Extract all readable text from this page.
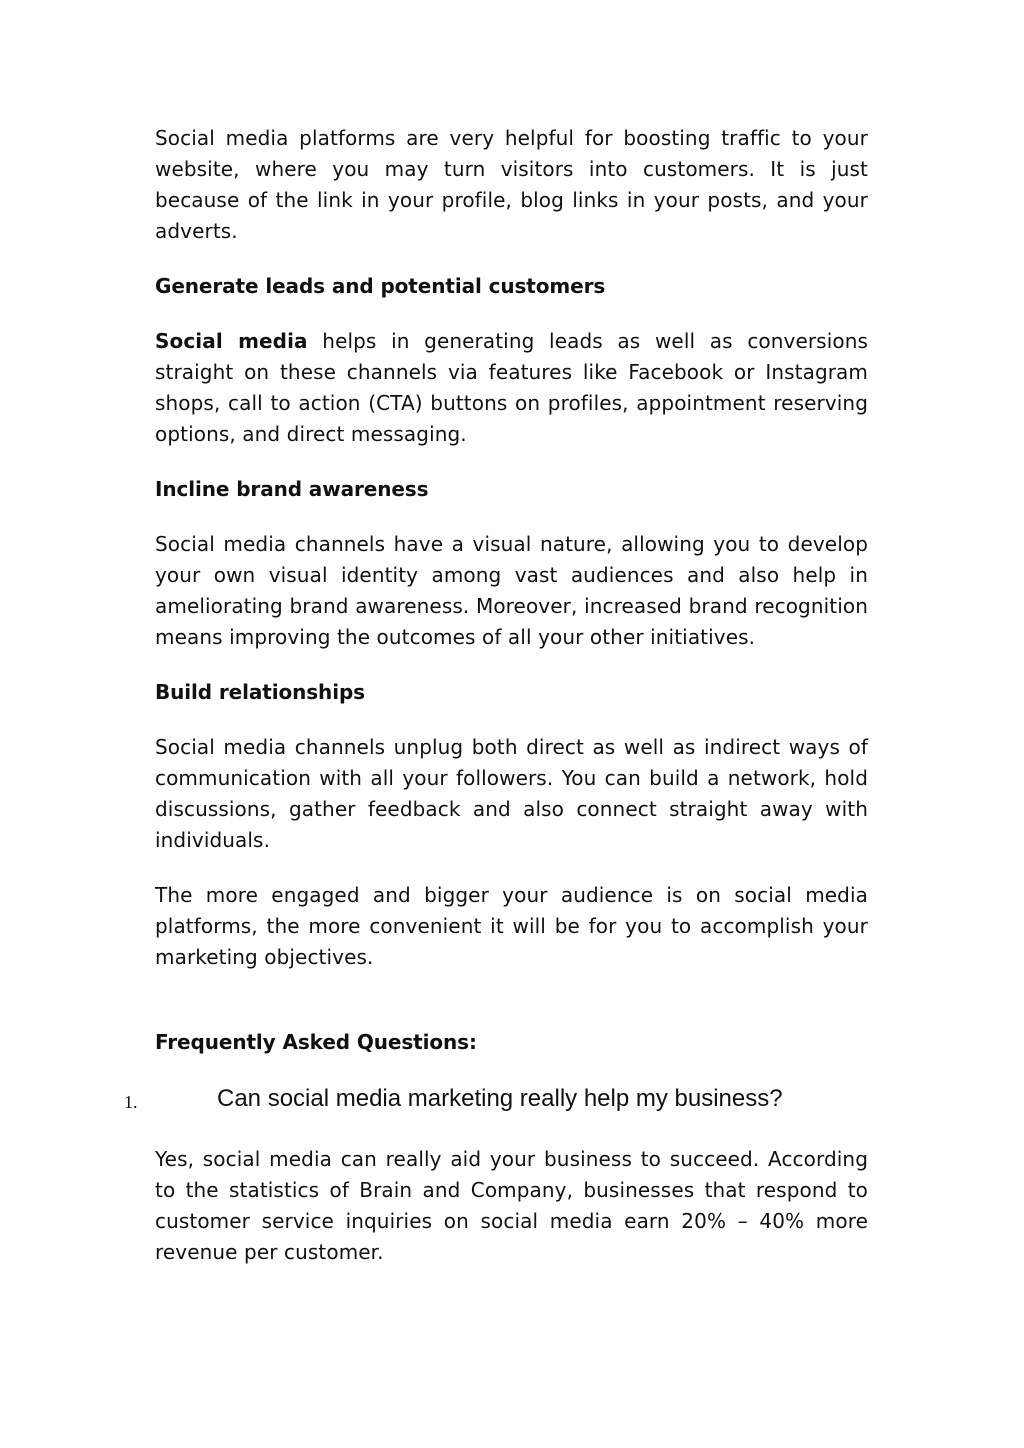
Social media platforms are very helpful for boosting traffic to your website, where you may turn visitors into customers. It is just because of the link in your profile, blog links in your posts, and your adverts.

Generate leads and potential customers

Social media helps in generating leads as well as conversions straight on these channels via features like Facebook or Instagram shops, call to action (CTA) buttons on profiles, appointment reserving options, and direct messaging.

Incline brand awareness

Social media channels have a visual nature, allowing you to develop your own visual identity among vast audiences and also help in ameliorating brand awareness. Moreover, increased brand recognition means improving the outcomes of all your other initiatives.

Build relationships

Social media channels unplug both direct as well as indirect ways of communication with all your followers. You can build a network, hold discussions, gather feedback and also connect straight away with individuals.

The more engaged and bigger your audience is on social media platforms, the more convenient it will be for you to accomplish your marketing objectives.

Frequently Asked Questions:

1.	Can social media marketing really help my business?

Yes, social media can really aid your business to succeed. According to the statistics of Brain and Company, businesses that respond to customer service inquiries on social media earn 20% – 40% more revenue per customer.
